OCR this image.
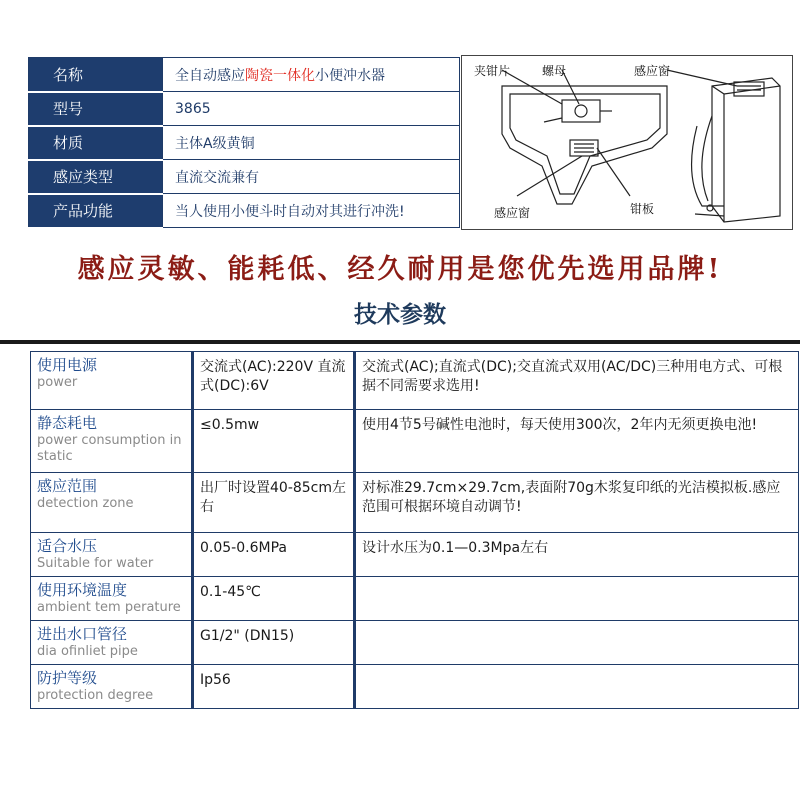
名称	全自动感应陶瓷一体化小便冲水器
型号	3865
材质	主体A级黄铜
感应类型	直流交流兼有
产品功能	当人使用小便斗时自动对其进行冲洗!
夹钳片	螺母	感应窗
感应窗	钳板
感应灵敏、能耗低、经久耐用是您优先选用品牌!
技术参数
使用电源
power	交流式(AC):220V 直流式(DC):6V	交流式(AC);直流式(DC);交直流式双用(AC/DC)三种用电方式、可根据不同需要求选用!

静态耗电
power consumption in static	≤0.5mw	使用4节5号碱性电池时，每天使用300次，2年内无须更换电池!

感应范围
detection zone	出厂时设置40-85cm左右	对标准29.7cm×29.7cm,表面附70g木浆复印纸的光洁模拟板.感应范围可根据环境自动调节!

适合水压
Suitable for water	0.05-0.6MPa	设计水压为0.1—0.3Mpa左右

使用环境温度
ambient tem perature	0.1-45℃	

进出水口管径
dia ofinliet pipe	G1/2" (DN15)	

防护等级
protection degree	Ip56	
